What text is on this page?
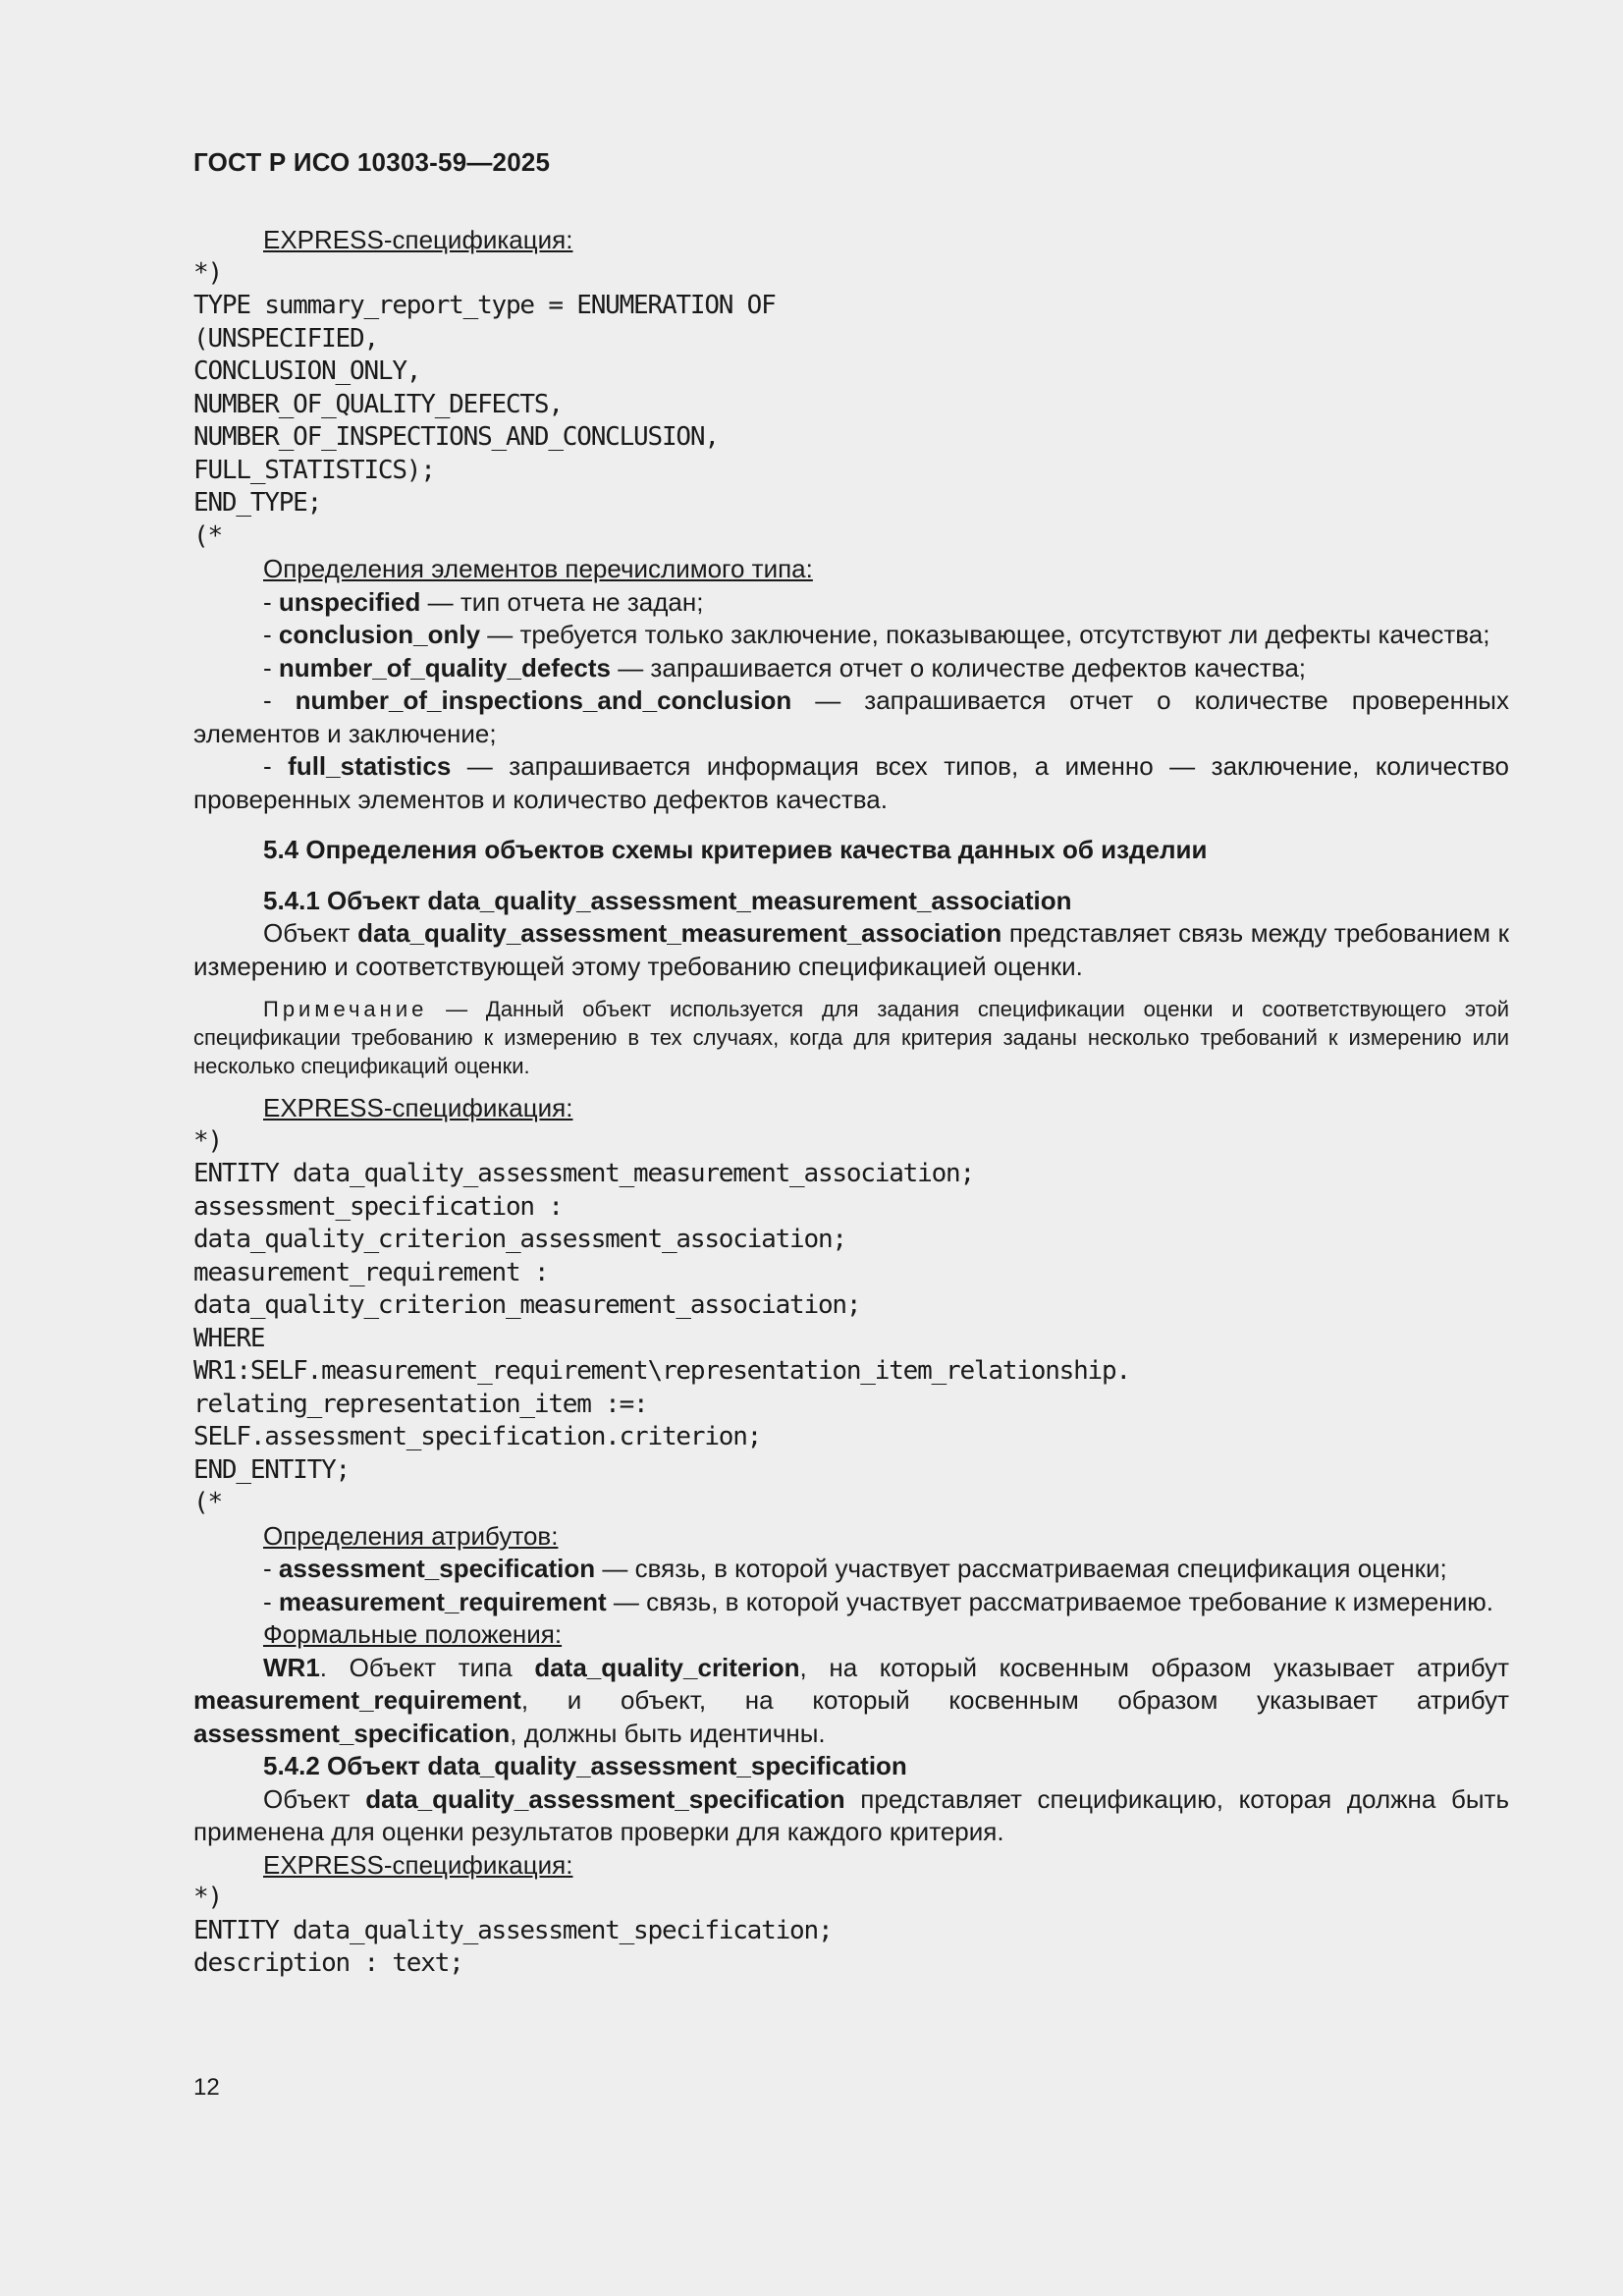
ГОСТ Р ИСО 10303-59—2025

EXPRESS-спецификация:

*)
TYPE summary_report_type = ENUMERATION OF
(UNSPECIFIED,
CONCLUSION_ONLY,
NUMBER_OF_QUALITY_DEFECTS,
NUMBER_OF_INSPECTIONS_AND_CONCLUSION,
FULL_STATISTICS);
END_TYPE;
(*

Определения элементов перечислимого типа:

- unspecified — тип отчета не задан;

- conclusion_only — требуется только заключение, показывающее, отсутствуют ли дефекты качества;

- number_of_quality_defects — запрашивается отчет о количестве дефектов качества;

- number_of_inspections_and_conclusion — запрашивается отчет о количестве проверенных элементов и заключение;

- full_statistics — запрашивается информация всех типов, а именно — заключение, количество проверенных элементов и количество дефектов качества.

5.4 Определения объектов схемы критериев качества данных об изделии

5.4.1 Объект data_quality_assessment_measurement_association

Объект data_quality_assessment_measurement_association представляет связь между требованием к измерению и соответствующей этому требованию спецификацией оценки.

Примечание — Данный объект используется для задания спецификации оценки и соответствующего этой спецификации требованию к измерению в тех случаях, когда для критерия заданы несколько требований к измерению или несколько спецификаций оценки.

EXPRESS-спецификация:

*)
ENTITY data_quality_assessment_measurement_association;
assessment_specification :
data_quality_criterion_assessment_association;
measurement_requirement :
data_quality_criterion_measurement_association;
WHERE
WR1:SELF.measurement_requirement\representation_item_relationship.
relating_representation_item :=:
SELF.assessment_specification.criterion;
END_ENTITY;
(*

Определения атрибутов:

- assessment_specification — связь, в которой участвует рассматриваемая спецификация оценки;

- measurement_requirement — связь, в которой участвует рассматриваемое требование к измерению.

Формальные положения:

WR1. Объект типа data_quality_criterion, на который косвенным образом указывает атрибут measurement_requirement, и объект, на который косвенным образом указывает атрибут assessment_specification, должны быть идентичны.

5.4.2 Объект data_quality_assessment_specification

Объект data_quality_assessment_specification представляет спецификацию, которая должна быть применена для оценки результатов проверки для каждого критерия.

EXPRESS-спецификация:

*)
ENTITY data_quality_assessment_specification;
description : text;
12
